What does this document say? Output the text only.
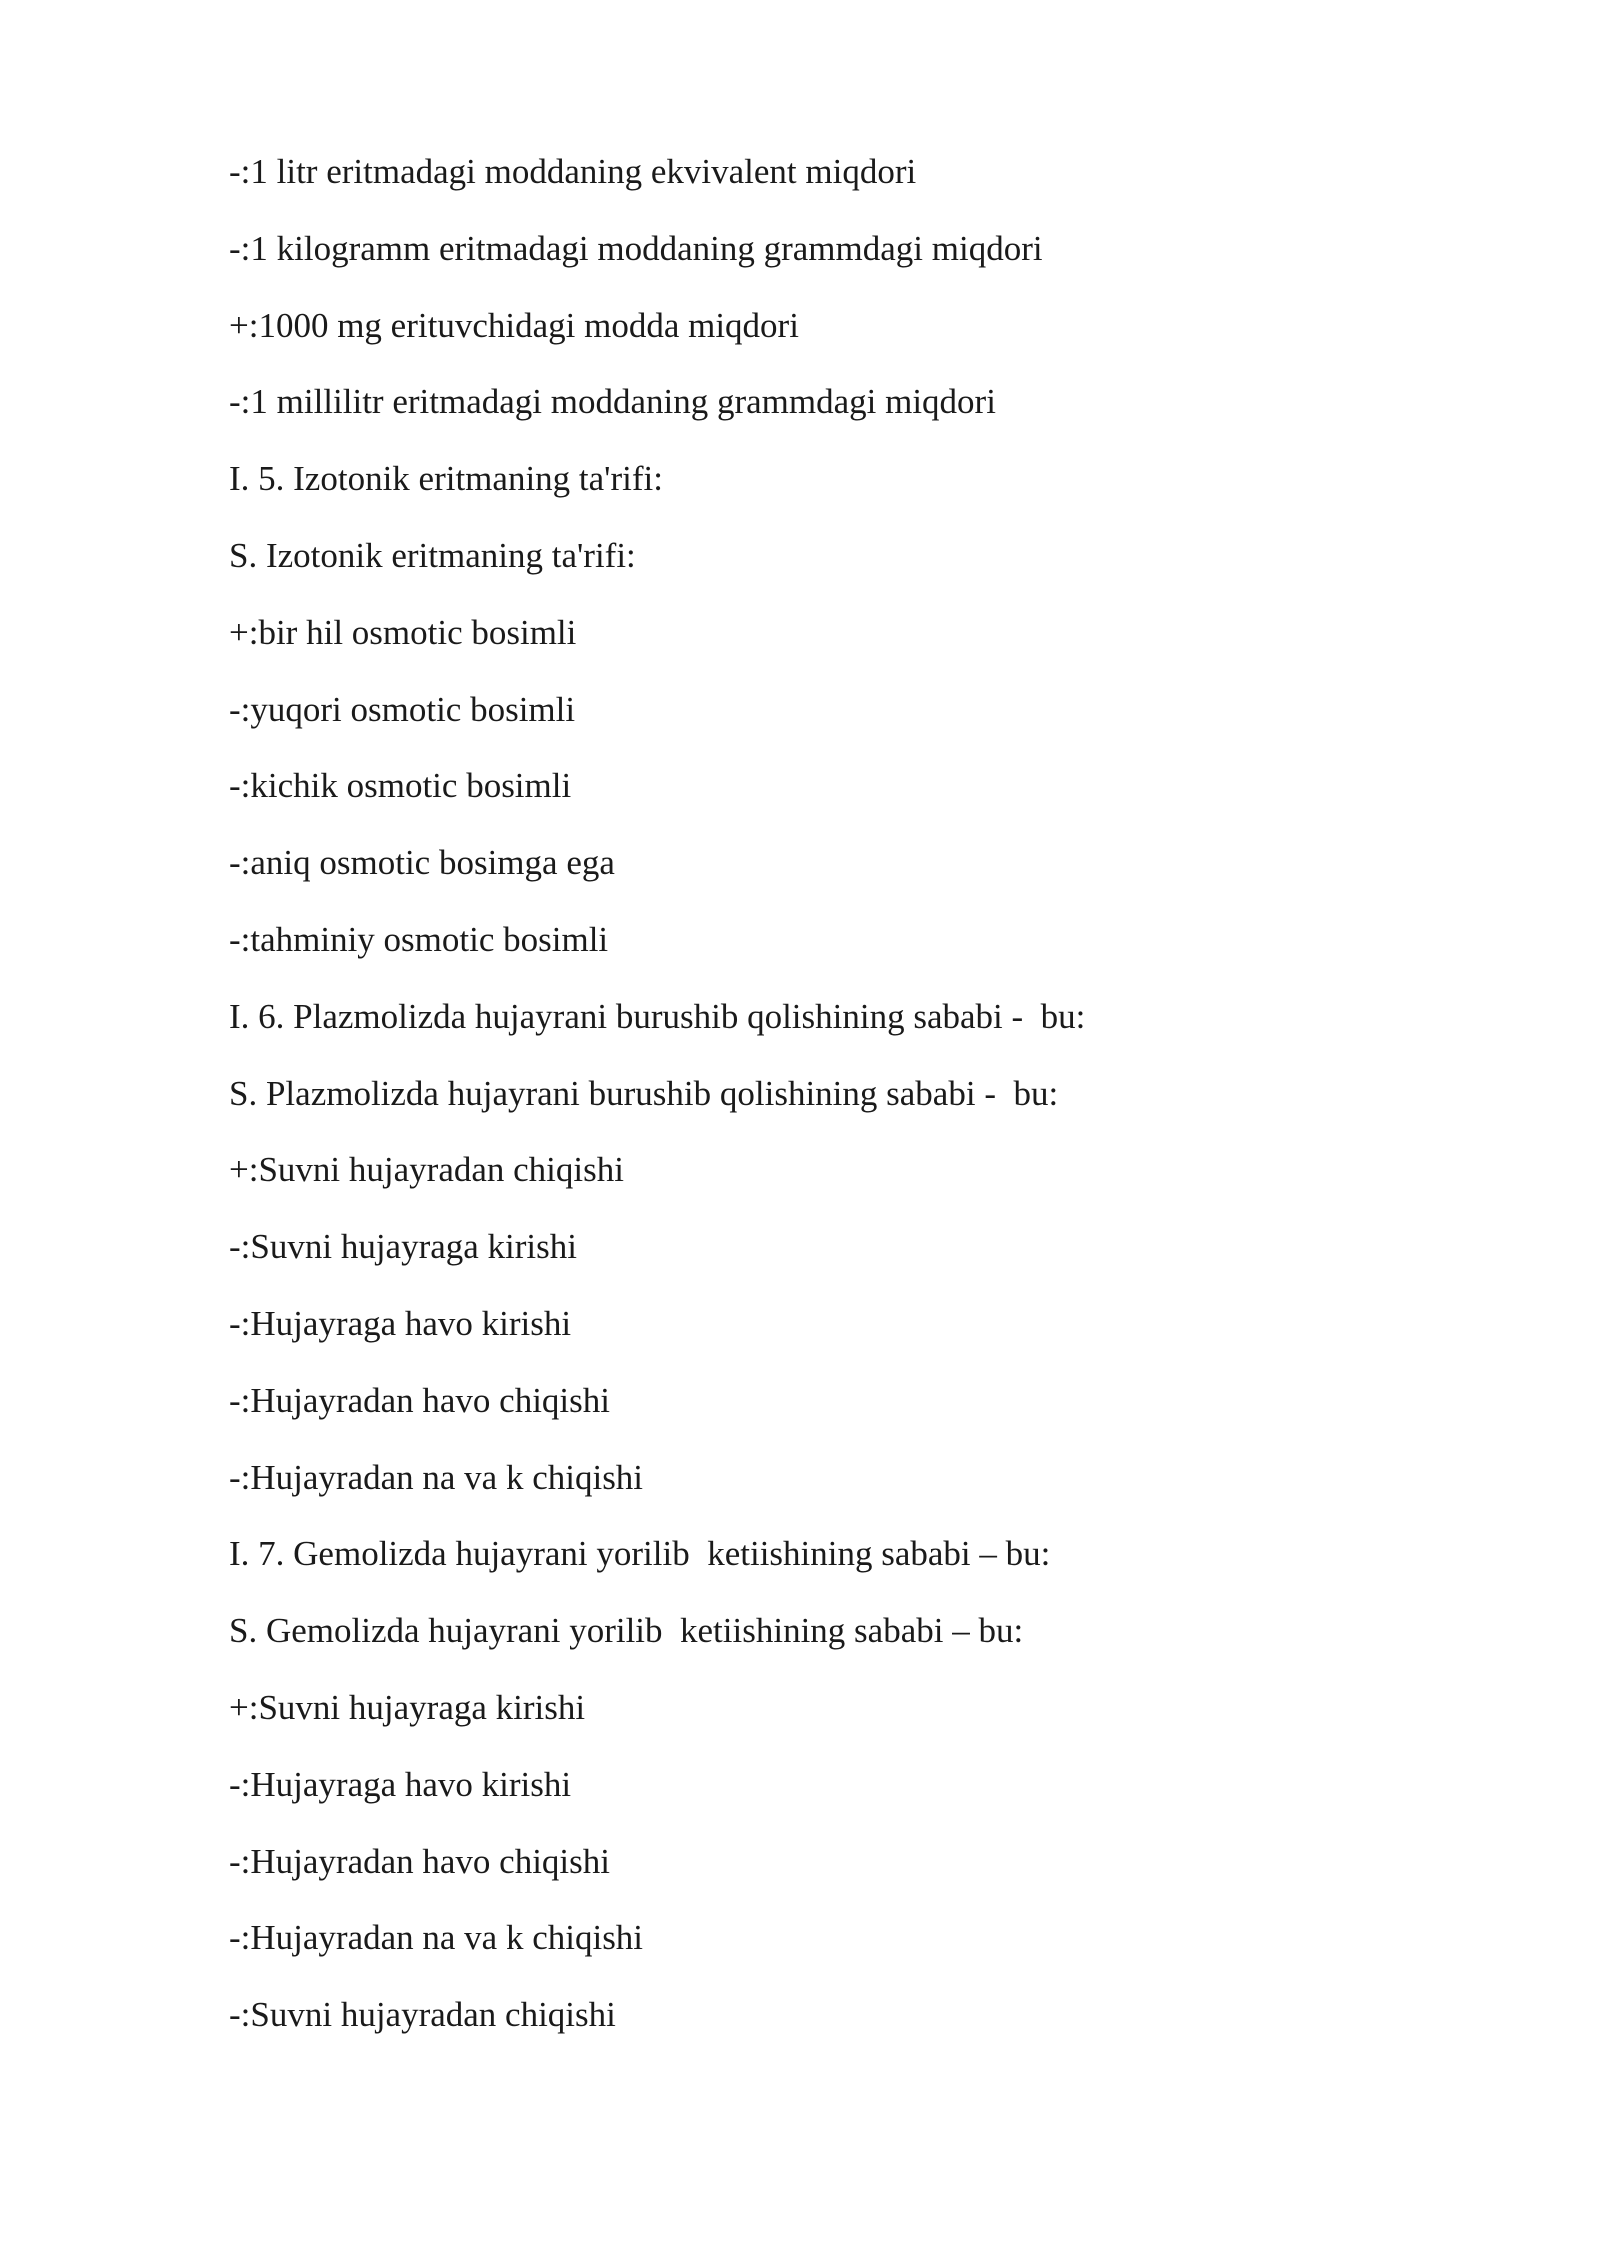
-:1 litr eritmadagi moddaning ekvivalent miqdori
-:1 kilogramm eritmadagi moddaning grammdagi miqdori
+:1000 mg erituvchidagi modda miqdori
-:1 millilitr eritmadagi moddaning grammdagi miqdori
I. 5. Izotonik eritmaning ta'rifi:
S. Izotonik eritmaning ta'rifi:
+:bir hil osmotic bosimli
-:yuqori osmotic bosimli
-:kichik osmotic bosimli
-:aniq osmotic bosimga ega
-:tahminiy osmotic bosimli
I. 6. Plazmolizda hujayrani burushib qolishining sababi -  bu:
S. Plazmolizda hujayrani burushib qolishining sababi -  bu:
+:Suvni hujayradan chiqishi
-:Suvni hujayraga kirishi
-:Hujayraga havo kirishi
-:Hujayradan havo chiqishi
-:Hujayradan na va k chiqishi
I. 7. Gemolizda hujayrani yorilib  ketiishining sababi – bu:
S. Gemolizda hujayrani yorilib  ketiishining sababi – bu:
+:Suvni hujayraga kirishi
-:Hujayraga havo kirishi
-:Hujayradan havo chiqishi
-:Hujayradan na va k chiqishi
-:Suvni hujayradan chiqishi
